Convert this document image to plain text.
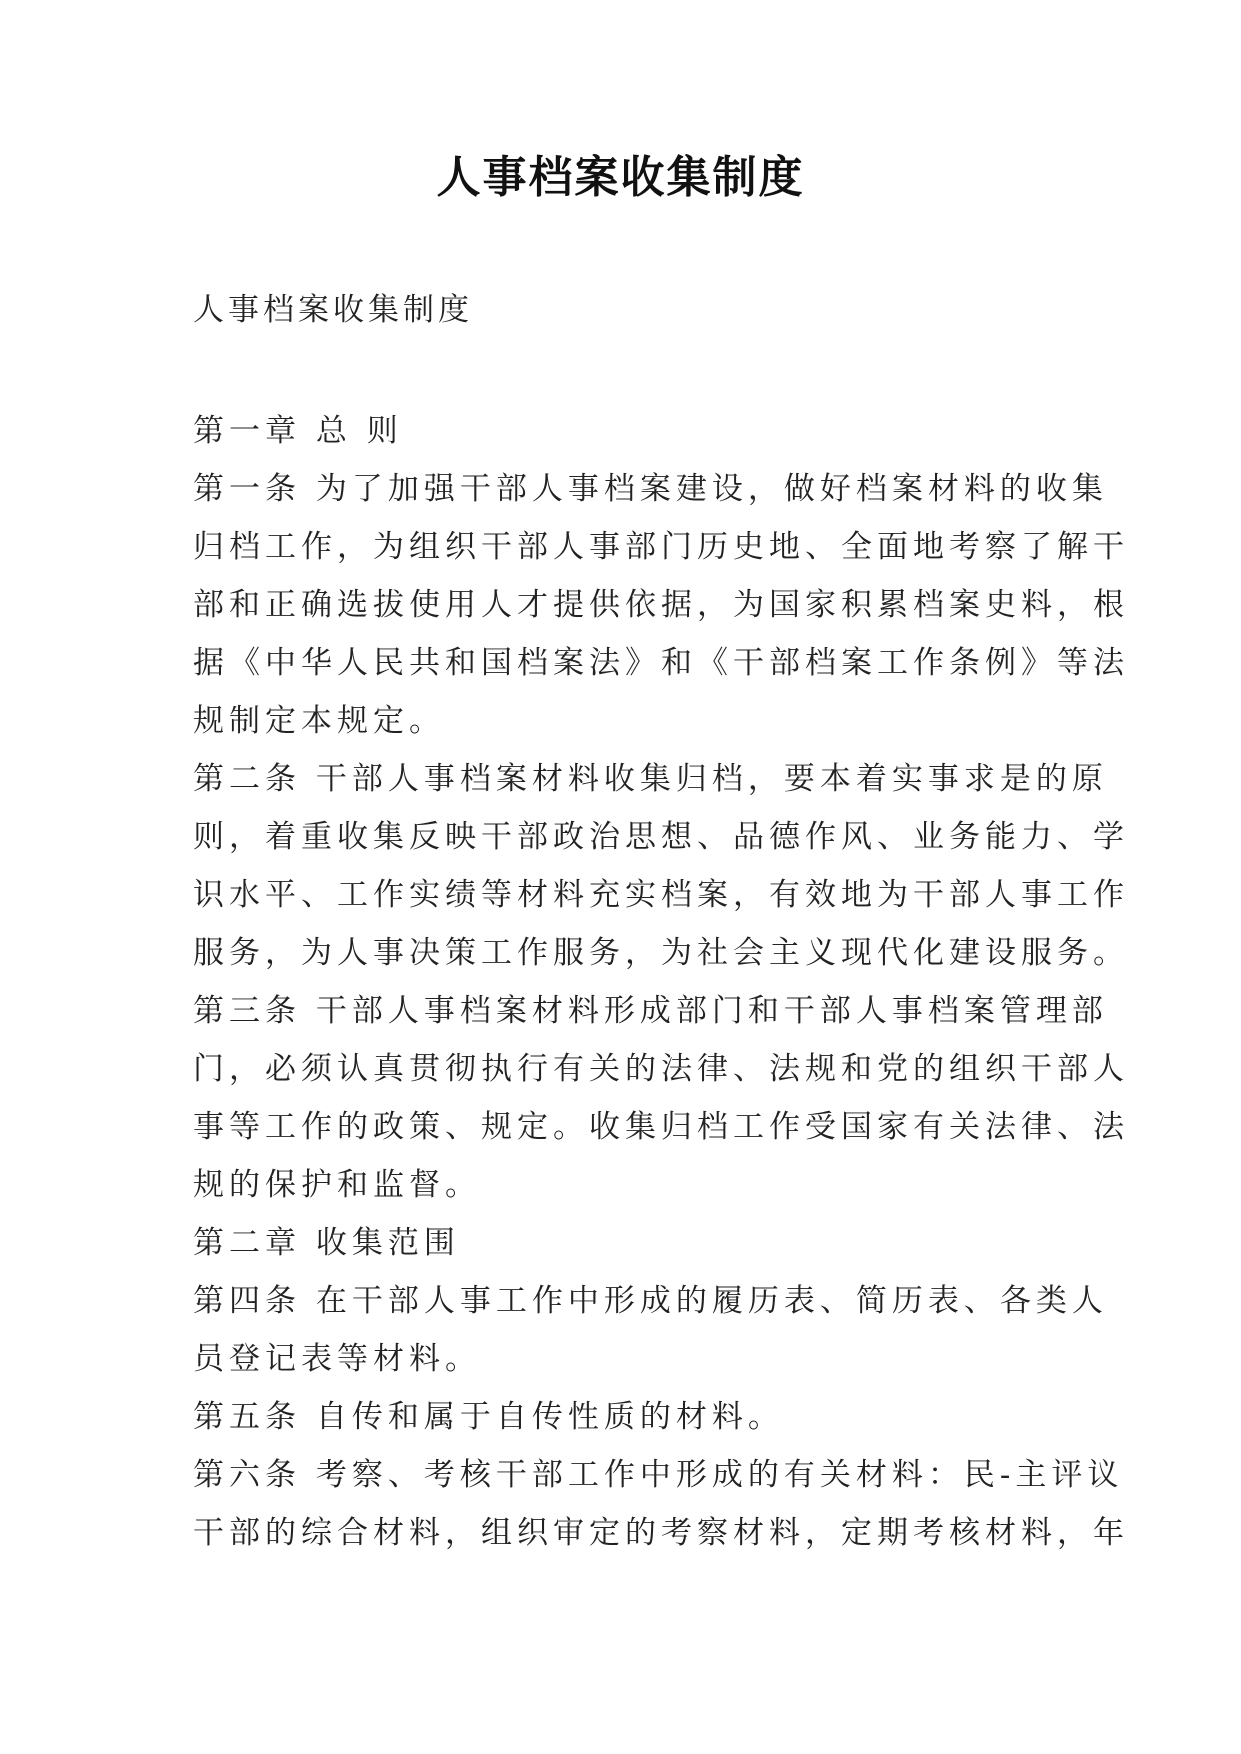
人事档案收集制度
人事档案收集制度
第一章 总 则
第一条 为了加强干部人事档案建设，做好档案材料的收集
归档工作，为组织干部人事部门历史地、全面地考察了解干
部和正确选拔使用人才提供依据，为国家积累档案史料，根
据《中华人民共和国档案法》和《干部档案工作条例》等法
规制定本规定。
第二条 干部人事档案材料收集归档，要本着实事求是的原
则，着重收集反映干部政治思想、品德作风、业务能力、学
识水平、工作实绩等材料充实档案，有效地为干部人事工作
服务，为人事决策工作服务，为社会主义现代化建设服务。
第三条 干部人事档案材料形成部门和干部人事档案管理部
门，必须认真贯彻执行有关的法律、法规和党的组织干部人
事等工作的政策、规定。收集归档工作受国家有关法律、法
规的保护和监督。
第二章 收集范围
第四条 在干部人事工作中形成的履历表、简历表、各类人
员登记表等材料。
第五条 自传和属于自传性质的材料。
第六条 考察、考核干部工作中形成的有关材料：民-主评议
干部的综合材料，组织审定的考察材料，定期考核材料，年
